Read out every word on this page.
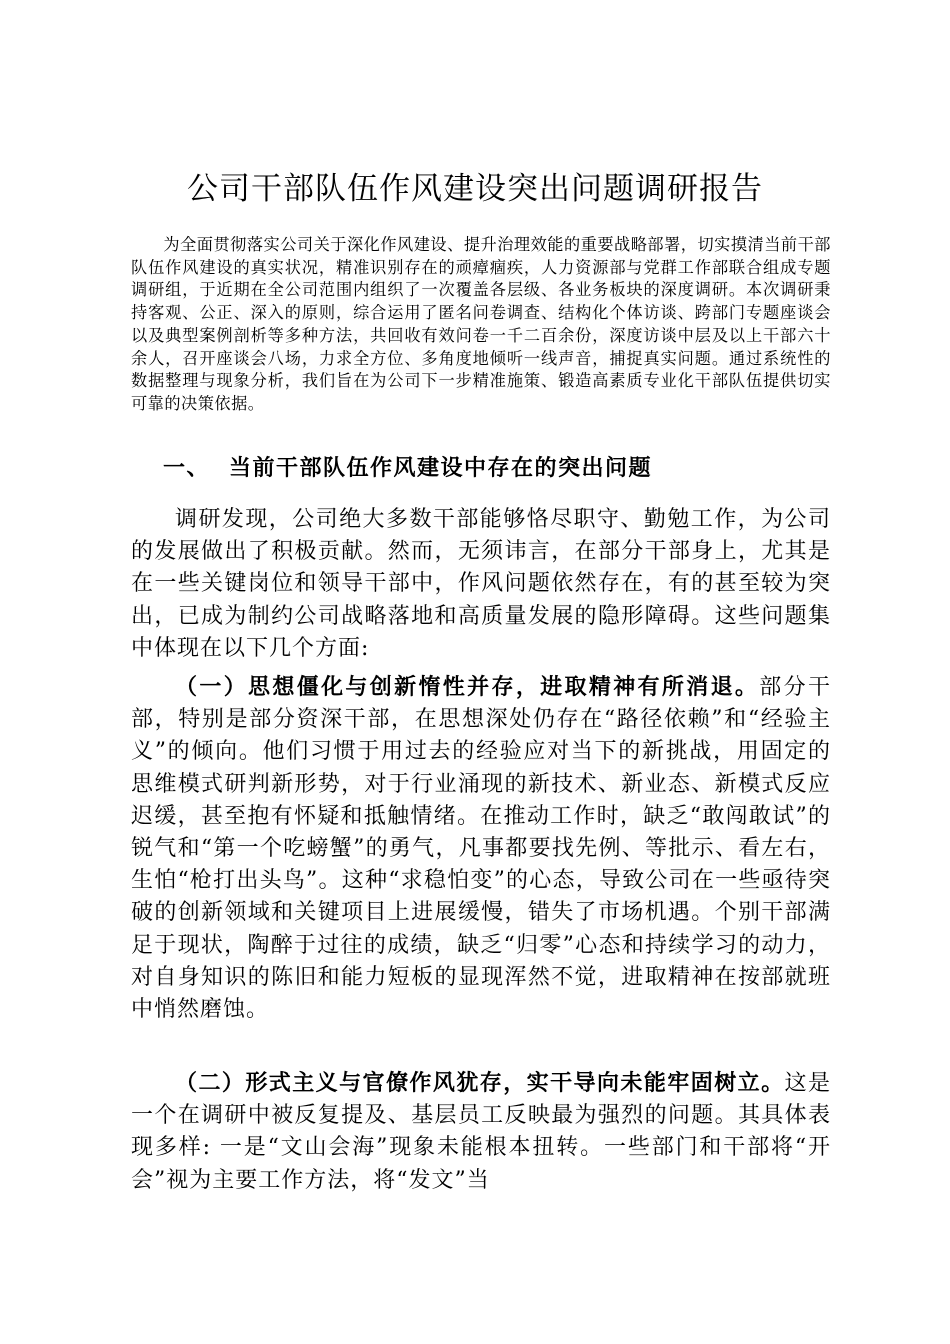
公司干部队伍作风建设突出问题调研报告

为全面贯彻落实公司关于深化作风建设、提升治理效能的重要战略部署，切实摸清当前干部队伍作风建设的真实状况，精准识别存在的顽瘴痼疾，人力资源部与党群工作部联合组成专题调研组，于近期在全公司范围内组织了一次覆盖各层级、各业务板块的深度调研。本次调研秉持客观、公正、深入的原则，综合运用了匿名问卷调查、结构化个体访谈、跨部门专题座谈会以及典型案例剖析等多种方法，共回收有效问卷一千二百余份，深度访谈中层及以上干部六十余人，召开座谈会八场，力求全方位、多角度地倾听一线声音，捕捉真实问题。通过系统性的数据整理与现象分析，我们旨在为公司下一步精准施策、锻造高素质专业化干部队伍提供切实可靠的决策依据。

一、 当前干部队伍作风建设中存在的突出问题

调研发现，公司绝大多数干部能够恪尽职守、勤勉工作，为公司的发展做出了积极贡献。然而，无须讳言，在部分干部身上，尤其是在一些关键岗位和领导干部中，作风问题依然存在，有的甚至较为突出，已成为制约公司战略落地和高质量发展的隐形障碍。这些问题集中体现在以下几个方面:

（一）思想僵化与创新惰性并存，进取精神有所消退。部分干部，特别是部分资深干部，在思想深处仍存在“路径依赖”和“经验主义”的倾向。他们习惯于用过去的经验应对当下的新挑战，用固定的思维模式研判新形势，对于行业涌现的新技术、新业态、新模式反应迟缓，甚至抱有怀疑和抵触情绪。在推动工作时，缺乏“敢闯敢试”的锐气和“第一个吃螃蟹”的勇气，凡事都要找先例、等批示、看左右，生怕“枪打出头鸟”。这种“求稳怕变”的心态，导致公司在一些亟待突破的创新领域和关键项目上进展缓慢，错失了市场机遇。个别干部满足于现状，陶醉于过往的成绩，缺乏“归零”心态和持续学习的动力，对自身知识的陈旧和能力短板的显现浑然不觉，进取精神在按部就班中悄然磨蚀。

（二）形式主义与官僚作风犹存，实干导向未能牢固树立。这是一个在调研中被反复提及、基层员工反映最为强烈的问题。其具体表现多样: 一是“文山会海”现象未能根本扭转。一些部门和干部将“开会”视为主要工作方法，将“发文”当
